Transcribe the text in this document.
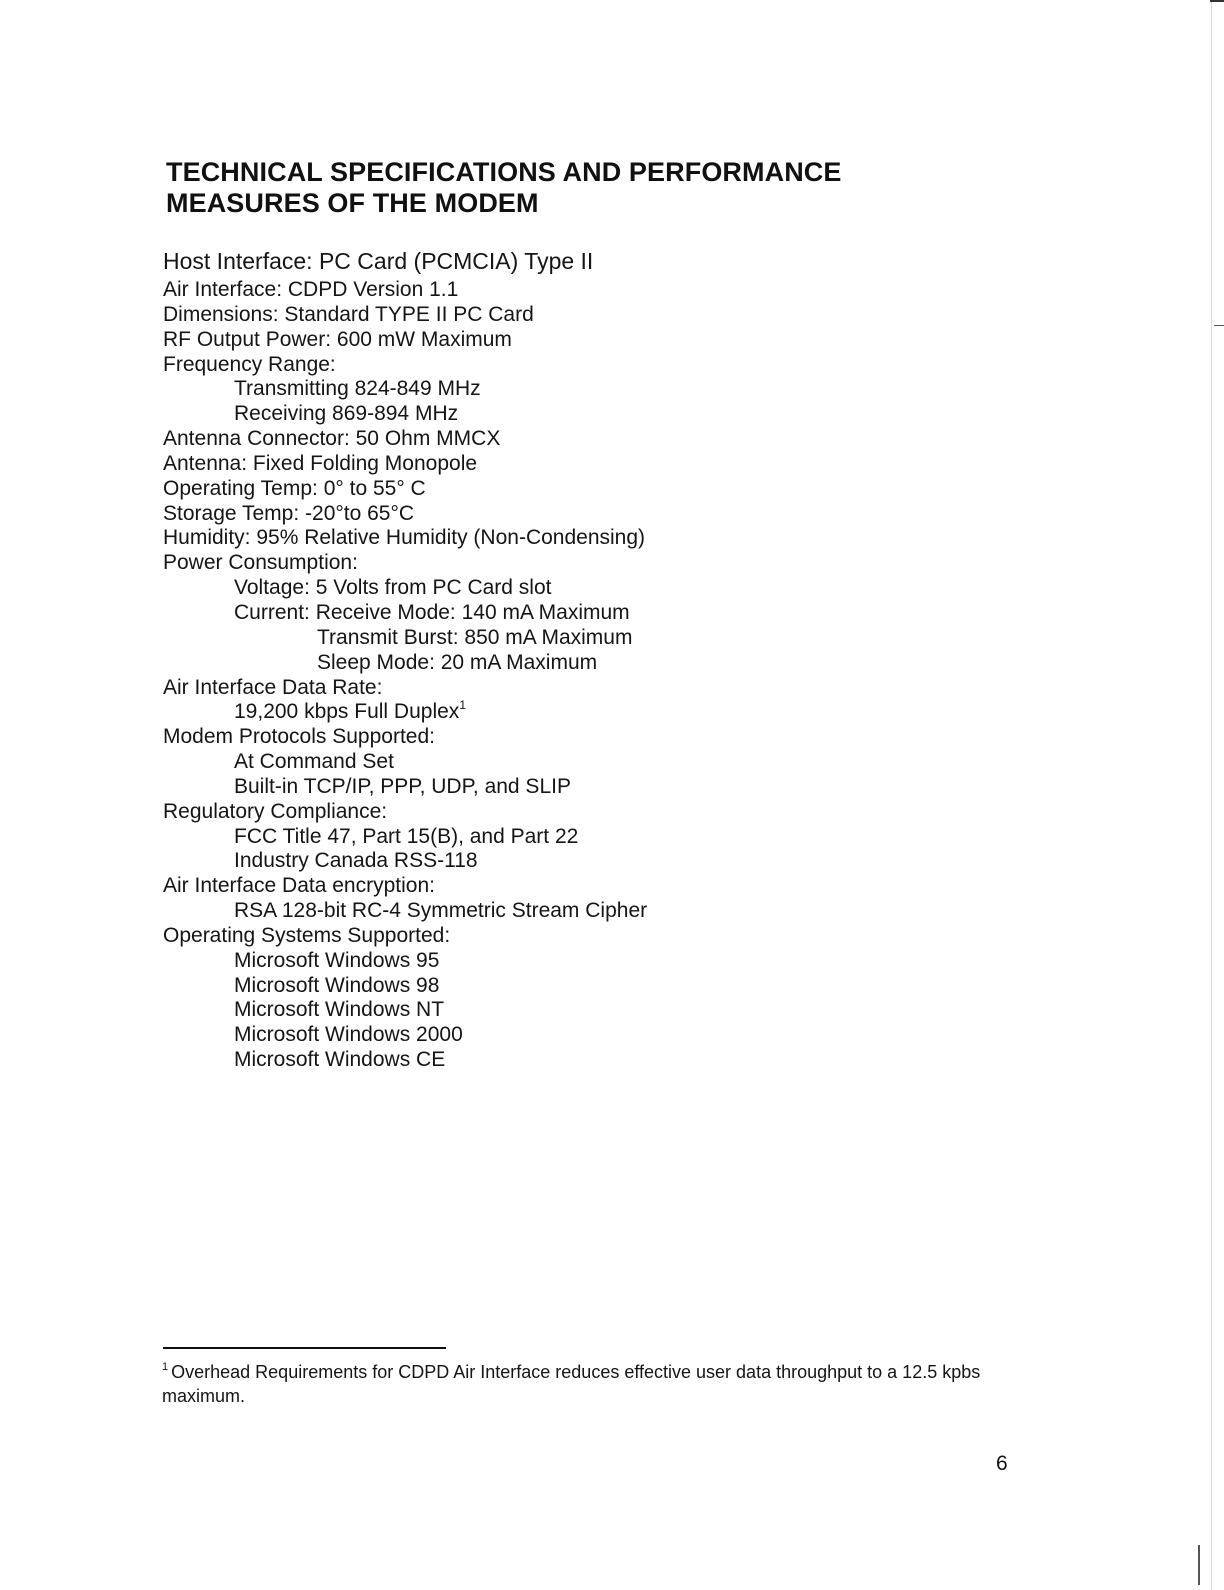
TECHNICAL SPECIFICATIONS AND PERFORMANCE
MEASURES OF THE MODEM
Host Interface: PC Card (PCMCIA) Type II
Air Interface: CDPD Version 1.1
Dimensions: Standard TYPE II PC Card
RF Output Power: 600 mW Maximum
Frequency Range:
Transmitting 824-849 MHz
Receiving 869-894 MHz
Antenna Connector: 50 Ohm MMCX
Antenna: Fixed Folding Monopole
Operating Temp: 0° to 55° C
Storage Temp: -20°to 65°C
Humidity: 95% Relative Humidity (Non-Condensing)
Power Consumption:
Voltage: 5 Volts from PC Card slot
Current: Receive Mode: 140 mA Maximum
Transmit Burst: 850 mA Maximum
Sleep Mode: 20 mA Maximum
Air Interface Data Rate:
19,200 kbps Full Duplex$^1$
Modem Protocols Supported:
At Command Set
Built-in TCP/IP, PPP, UDP, and SLIP
Regulatory Compliance:
FCC Title 47, Part 15(B), and Part 22
Industry Canada RSS-118
Air Interface Data encryption:
RSA 128-bit RC-4 Symmetric Stream Cipher
Operating Systems Supported:
Microsoft Windows 95
Microsoft Windows 98
Microsoft Windows NT
Microsoft Windows 2000
Microsoft Windows CE
$^1$ Overhead Requirements for CDPD Air Interface reduces effective user data throughput to a 12.5 kpbs maximum.
6
